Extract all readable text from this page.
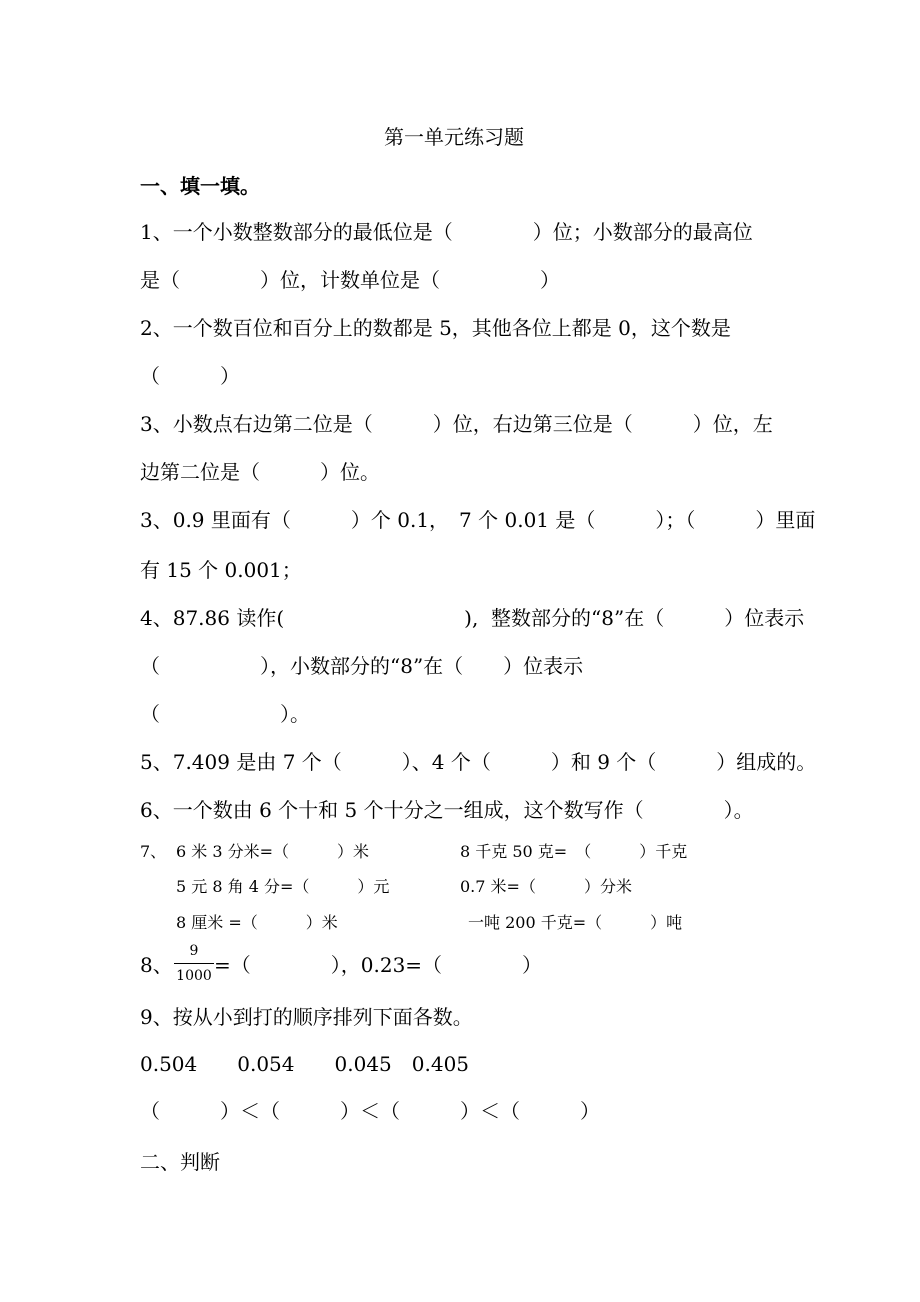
第一单元练习题
一、填一填。
1、一个小数整数部分的最低位是（　　　　）位；小数部分的最高位
是（　　　　）位，计数单位是（　　　　　）
2、一个数百位和百分上的数都是 5，其他各位上都是 0，这个数是
（　　　）
3、小数点右边第二位是（　　　）位，右边第三位是（　　　）位，左
边第二位是（　　　）位。
3、0.9 里面有（　　　）个 0.1，　7 个 0.01 是（　　　）；（　　　）里面
有 15 个 0.001；
4、87.86 读作(　　　　　　　　　),  整数部分的“8”在（　　　）位表示
（　　　　　），小数部分的“8”在（　　）位表示
（　　　　　　）。
5、7.409 是由 7 个（　　　）、4 个（　　　）和 9 个（　　　）组成的。
6、一个数由 6 个十和 5 个十分之一组成，这个数写作（　　　　）。
7、 6 米 3 分米=（　　　）米	8 千克 50 克=　（　　　）千克
5 元 8 角 4 分=（　　　）元	0.7 米=（　　　）分米
8 厘米 =（　　　）米	一吨 200 千克=（　　　）吨
8、
9
1000 =（　　　　），0.23=（　　　　）
9、按从小到打的顺序排列下面各数。
0.504　　0.054　　0.045　0.405
（　　　）＜（　　　）＜（　　　）＜（　　　）
二、判断
